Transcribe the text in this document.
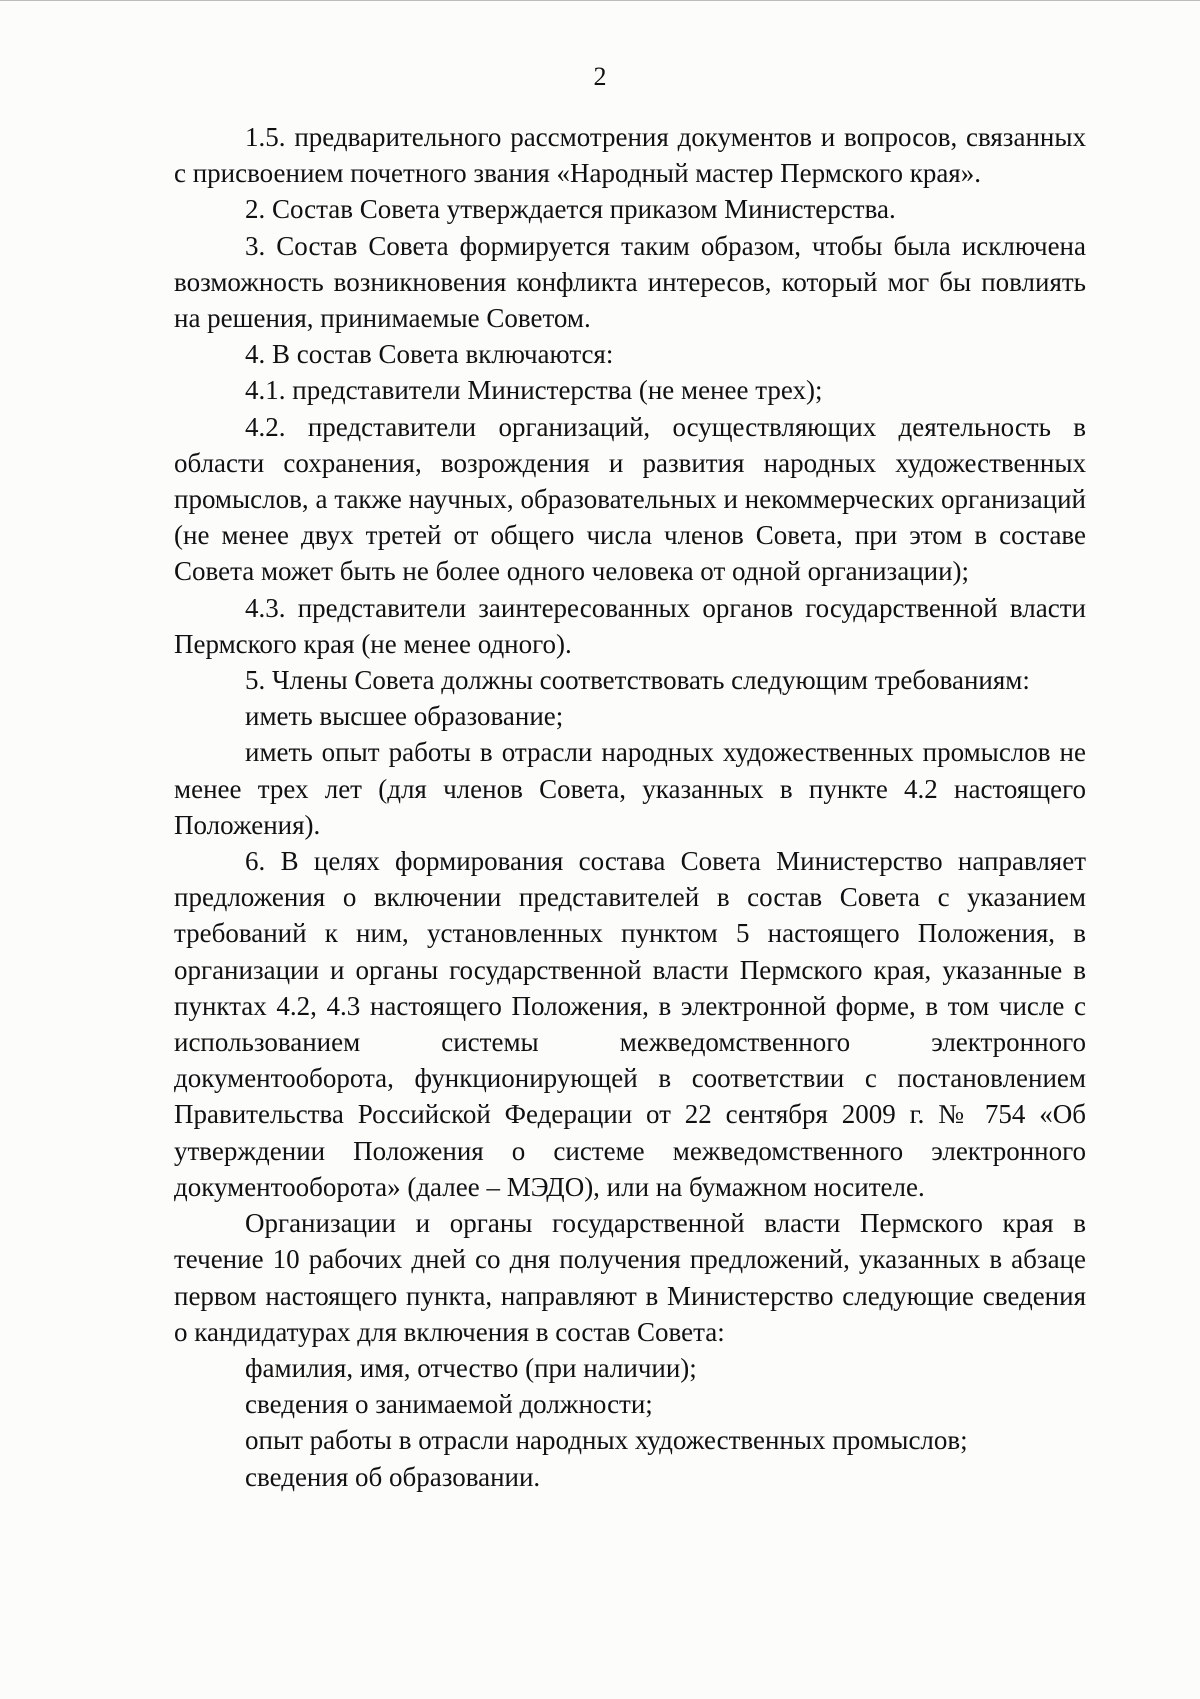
2

1.5. предварительного рассмотрения документов и вопросов, связанных с присвоением почетного звания «Народный мастер Пермского края».

2. Состав Совета утверждается приказом Министерства.

3. Состав Совета формируется таким образом, чтобы была исключена возможность возникновения конфликта интересов, который мог бы повлиять на решения, принимаемые Советом.

4. В состав Совета включаются:

4.1. представители Министерства (не менее трех);

4.2. представители организаций, осуществляющих деятельность в области сохранения, возрождения и развития народных художественных промыслов, а также научных, образовательных и некоммерческих организаций (не менее двух третей от общего числа членов Совета, при этом в составе Совета может быть не более одного человека от одной организации);

4.3. представители заинтересованных органов государственной власти Пермского края (не менее одного).

5. Члены Совета должны соответствовать следующим требованиям:

иметь высшее образование;

иметь опыт работы в отрасли народных художественных промыслов не менее трех лет (для членов Совета, указанных в пункте 4.2 настоящего Положения).

6. В целях формирования состава Совета Министерство направляет предложения о включении представителей в состав Совета с указанием требований к ним, установленных пунктом 5 настоящего Положения, в организации и органы государственной власти Пермского края, указанные в пунктах 4.2, 4.3 настоящего Положения, в электронной форме, в том числе с использованием системы межведомственного электронного документооборота, функционирующей в соответствии с постановлением Правительства Российской Федерации от 22 сентября 2009 г. № 754 «Об утверждении Положения о системе межведомственного электронного документооборота» (далее – МЭДО), или на бумажном носителе.

Организации и органы государственной власти Пермского края в течение 10 рабочих дней со дня получения предложений, указанных в абзаце первом настоящего пункта, направляют в Министерство следующие сведения о кандидатурах для включения в состав Совета:

фамилия, имя, отчество (при наличии);

сведения о занимаемой должности;

опыт работы в отрасли народных художественных промыслов;

сведения об образовании.
